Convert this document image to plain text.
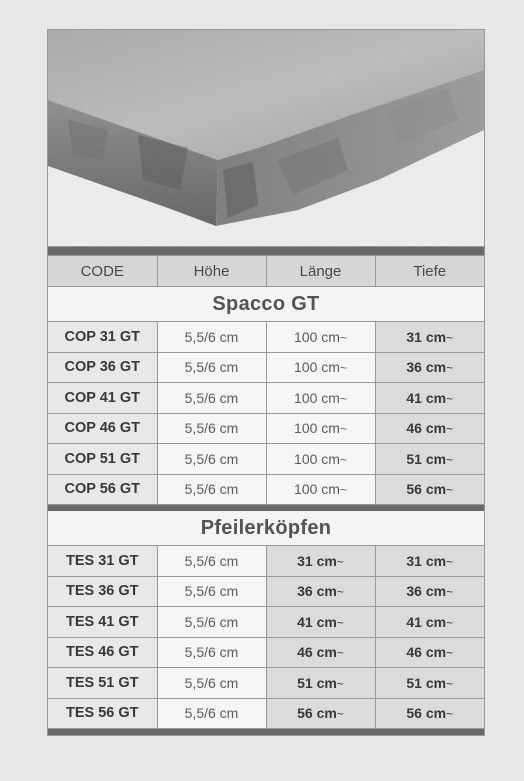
CODE	Höhe	Länge	Tiefe
Spacco GT			
COP 31 GT	5,5/6 cm	100 cm~	31 cm~
COP 36 GT	5,5/6 cm	100 cm~	36 cm~
COP 41 GT	5,5/6 cm	100 cm~	41 cm~
COP 46 GT	5,5/6 cm	100 cm~	46 cm~
COP 51 GT	5,5/6 cm	100 cm~	51 cm~
COP 56 GT	5,5/6 cm	100 cm~	56 cm~
Pfeilerköpfen			
TES 31 GT	5,5/6 cm	31 cm~	31 cm~
TES 36 GT	5,5/6 cm	36 cm~	36 cm~
TES 41 GT	5,5/6 cm	41 cm~	41 cm~
TES 46 GT	5,5/6 cm	46 cm~	46 cm~
TES 51 GT	5,5/6 cm	51 cm~	51 cm~
TES 56 GT	5,5/6 cm	56 cm~	56 cm~
